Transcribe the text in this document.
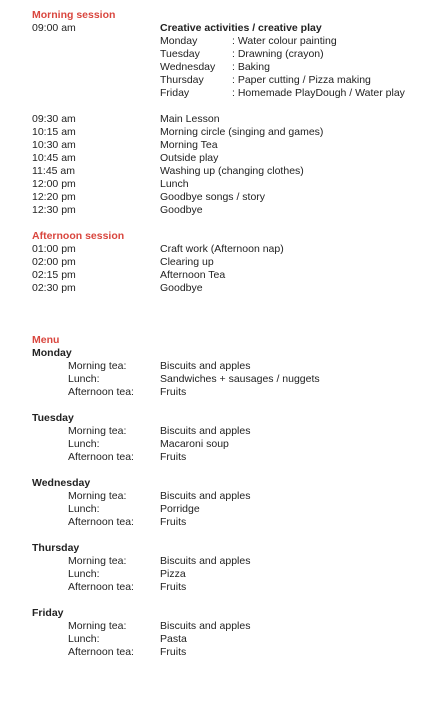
Morning session
09:00 am	Creative activities / creative play
Monday	: Water colour painting
Tuesday	: Drawning (crayon)
Wednesday : Baking
Thursday	: Paper cutting / Pizza making
Friday	: Homemade PlayDough / Water play
09:30 am	Main Lesson
10:15 am	Morning circle (singing and games)
10:30 am	Morning Tea
10:45 am	Outside play
11:45 am	Washing up (changing clothes)
12:00 pm	Lunch
12:20 pm	Goodbye songs / story
12:30 pm	Goodbye
Afternoon session
01:00 pm	Craft work (Afternoon nap)
02:00 pm	Clearing up
02:15 pm	Afternoon Tea
02:30 pm	Goodbye
Menu
Monday
Morning tea:	Biscuits and apples
Lunch:	Sandwiches + sausages / nuggets
Afternoon tea: Fruits
Tuesday
Morning tea:	Biscuits and apples
Lunch:	Macaroni soup
Afternoon tea: Fruits
Wednesday
Morning tea:	Biscuits and apples
Lunch:	Porridge
Afternoon tea: Fruits
Thursday
Morning tea:	Biscuits and apples
Lunch:	Pizza
Afternoon tea: Fruits
Friday
Morning tea:	Biscuits and apples
Lunch:	Pasta
Afternoon tea: Fruits
